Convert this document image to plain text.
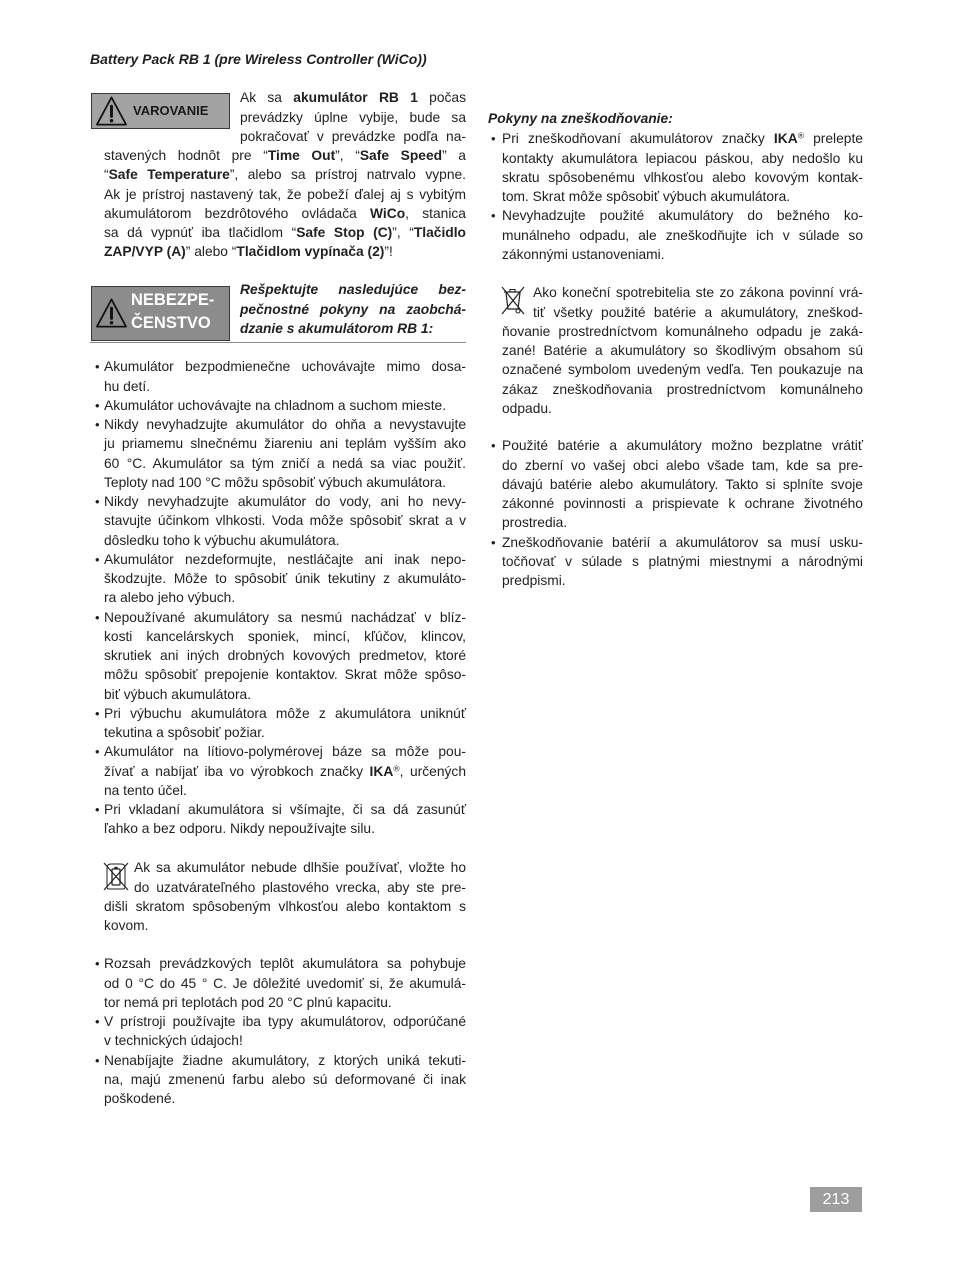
Battery Pack RB 1 (pre Wireless Controller (WiCo))
VAROVANIE
Ak sa akumulátor RB 1 počas
prevádzky úplne vybije, bude sa
pokračovať v prevádzke podľa na-
stavených hodnôt pre “Time Out”, “Safe Speed” a
“Safe Temperature”, alebo sa prístroj natrvalo vypne.
Ak je prístroj nastavený tak, že pobeží ďalej aj s vybitým
akumulátorom bezdrôtového ovládača WiCo, stanica
sa dá vypnúť iba tlačidlom “Safe Stop (C)”, “Tlačidlo
ZAP/VYP (A)” alebo “Tlačidlom vypínača (2)”!
NEBEZPE-
ČENSTVO
Rešpektujte nasledujúce bez-
pečnostné pokyny na zaobchá-
dzanie s akumulátorom RB 1:
• Akumulátor bezpodmienečne uchovávajte mimo dosa-
hu detí.
• Akumulátor uchovávajte na chladnom a suchom mieste.
• Nikdy nevyhadzujte akumulátor do ohňa a nevystavujte
ju priamemu slnečnému žiareniu ani teplám vyšším ako
60 °C. Akumulátor sa tým zničí a nedá sa viac použiť.
Teploty nad 100 °C môžu spôsobiť výbuch akumulátora.
• Nikdy nevyhadzujte akumulátor do vody, ani ho nevy-
stavujte účinkom vlhkosti. Voda môže spôsobiť skrat a v
dôsledku toho k výbuchu akumulátora.
• Akumulátor nezdeformujte, nestláčajte ani inak nepo-
škodzujte. Môže to spôsobiť únik tekutiny z akumuláto-
ra alebo jeho výbuch.
• Nepoužívané akumulátory sa nesmú nachádzať v blíz-
kosti kancelárskych sponiek, mincí, kľúčov, klincov,
skrutiek ani iných drobných kovových predmetov, ktoré
môžu spôsobiť prepojenie kontaktov. Skrat môže spôso-
biť výbuch akumulátora.
• Pri výbuchu akumulátora môže z akumulátora uniknúť
tekutina a spôsobiť požiar.
• Akumulátor na lítiovo-polymérovej báze sa môže pou-
žívať a nabíjať iba vo výrobkoch značky IKA®, určených
na tento účel.
• Pri vkladaní akumulátora si všímajte, či sa dá zasunúť
ľahko a bez odporu. Nikdy nepoužívajte silu.
Ak sa akumulátor nebude dlhšie používať, vložte ho
do uzatvárateľného plastového vrecka, aby ste pre-
dišli skratom spôsobeným vlhkosťou alebo kontaktom s
kovom.
• Rozsah prevádzkových teplôt akumulátora sa pohybuje
od 0 °C do 45 ° C. Je dôležité uvedomiť si, že akumulá-
tor nemá pri teplotách pod 20 °C plnú kapacitu.
• V prístroji používajte iba typy akumulátorov, odporúčané
v technických údajoch!
• Nenabíjajte žiadne akumulátory, z ktorých uniká tekuti-
na, majú zmenenú farbu alebo sú deformované či inak
poškodené.
Pokyny na zneškodňovanie:
• Pri zneškodňovaní akumulátorov značky IKA® prelepte
kontakty akumulátora lepiacou páskou, aby nedošlo ku
skratu spôsobenému vlhkosťou alebo kovovým kontak-
tom. Skrat môže spôsobiť výbuch akumulátora.
• Nevyhadzujte použité akumulátory do bežného ko-
munálneho odpadu, ale zneškodňujte ich v súlade so
zákonnými ustanoveniami.
Ako koneční spotrebitelia ste zo zákona povinní vrá-
tiť všetky použité batérie a akumulátory, zneškod-
ňovanie prostredníctvom komunálneho odpadu je zaká-
zané! Batérie a akumulátory so škodlivým obsahom sú
označené symbolom uvedeným vedľa. Ten poukazuje na
zákaz zneškodňovania prostredníctvom komunálneho
odpadu.
• Použité batérie a akumulátory možno bezplatne vrátiť
do zberní vo vašej obci alebo všade tam, kde sa pre-
dávajú batérie alebo akumulátory. Takto si splníte svoje
zákonné povinnosti a prispievate k ochrane životného
prostredia.
• Zneškodňovanie batérií a akumulátorov sa musí usku-
točňovať v súlade s platnými miestnymi a národnými
predpismi.
213
